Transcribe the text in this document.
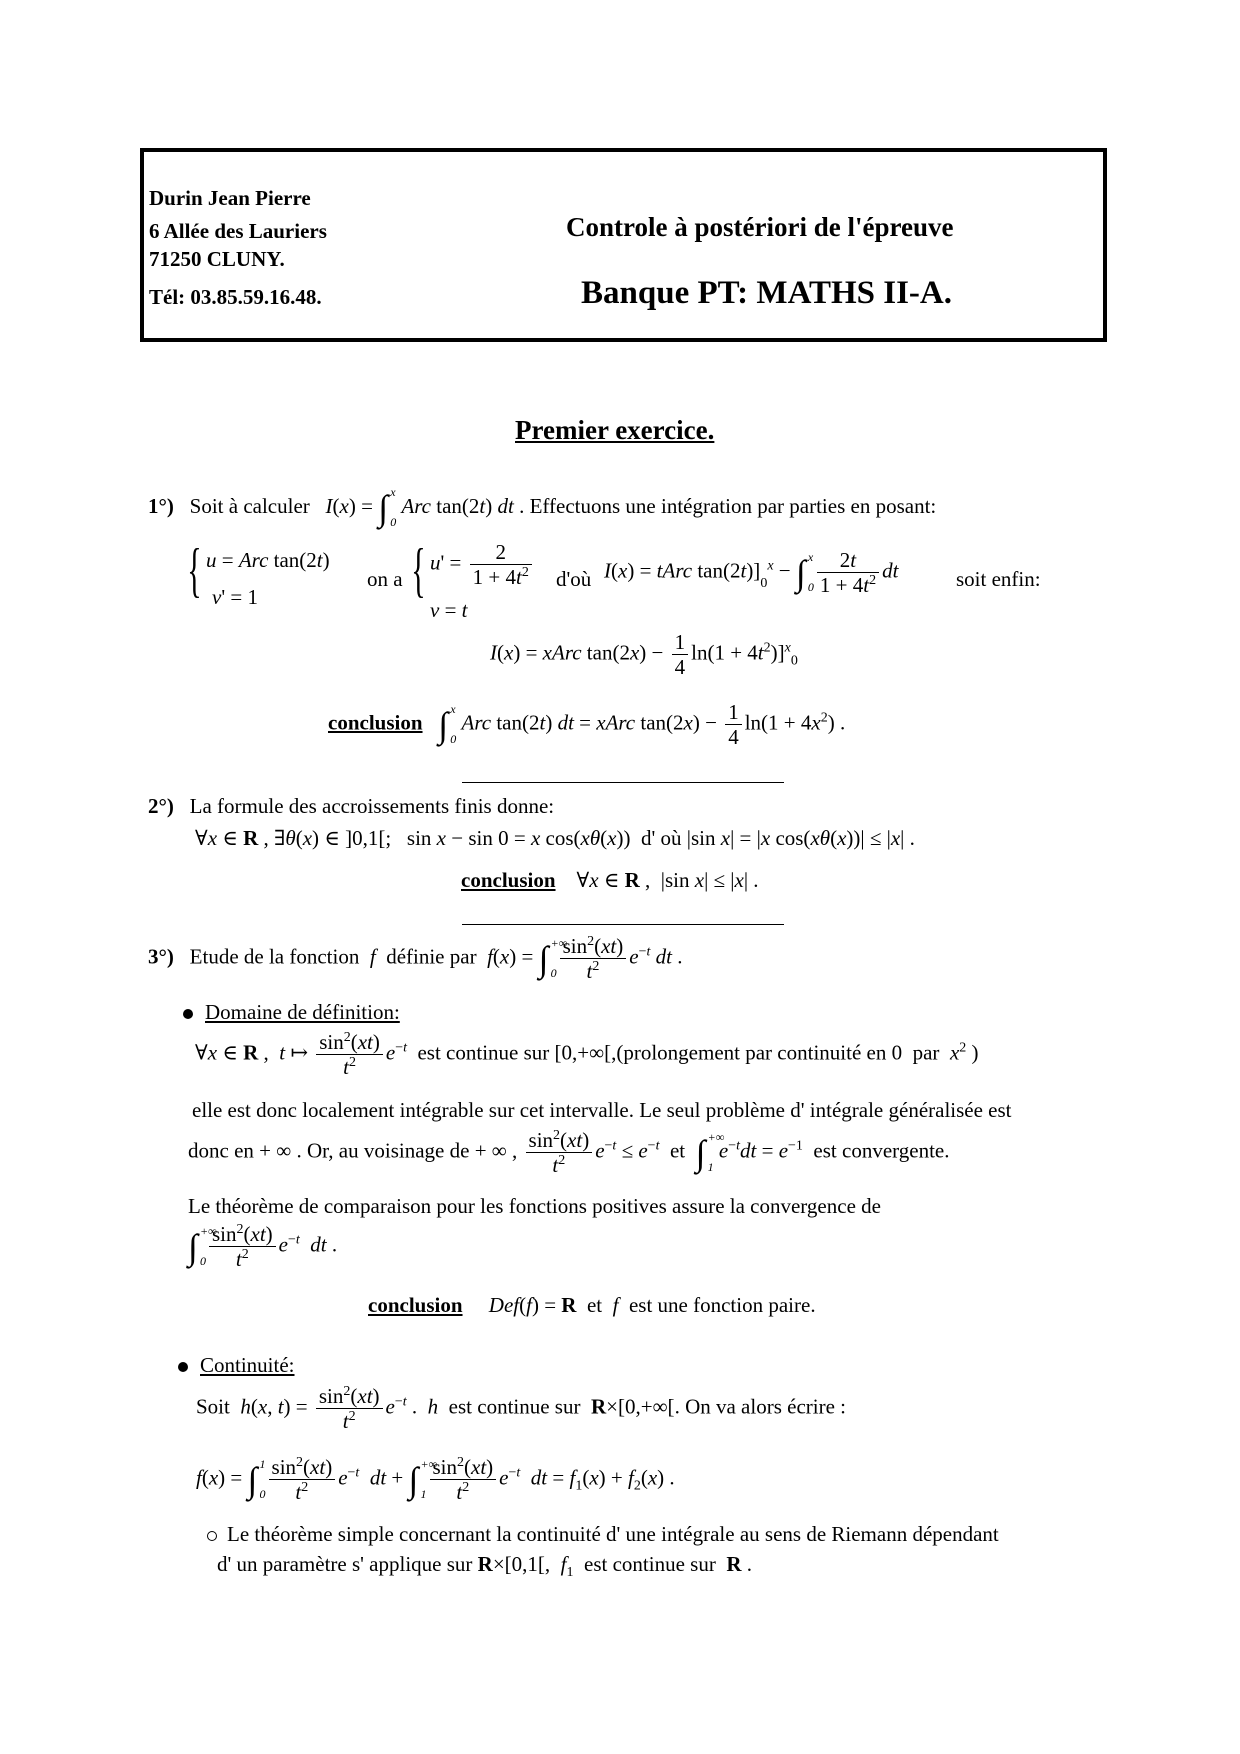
Durin Jean Pierre
6 Allée des Lauriers
71250 CLUNY.
Tél: 03.85.59.16.48.
Controle à postériori de l'épreuve
Banque PT: MATHS II-A.
Premier exercice.
1°) Soit à calculer I(x) = ∫ x
0
Arc tan(2t) dt . Effectuons une intégration par parties en posant:
{ u = Arc tan(2t)
v' = 1
on a { $u' = \frac{2}{1 + 4t^2}$
v = t
d'où I(x) = tArc $\tan(2t)]_0^x$ − ∫ x
$0 \frac{2t}{1 + 4t^2}$ dt	soit enfin:
I(x) = xArc $\tan(2x) - \frac{1}{4} \ln(1 + 4t^2)]^x_0$
conclusion ∫ x
0
Arc tan(2t) dt = xArc $\tan(2x) - \frac{1}{4} \ln(1 + 4x^2)$ .
2°) La formule des accroissements finis donne:
∀x ∈ R , ∃θ(x) ∈ ]0,1[;   sin x − sin 0 = x cos(xθ(x))  d' où |sin x| = |x cos(xθ(x))| ≤ |x| .
conclusion    ∀x ∈ R ,  |sin x| ≤ |x| .
3°) Etude de la fonction f définie par f(x) = ∫ +∞
$0 \frac{\sin^2(xt)}{t^2} e^{-t}$ dt .
Domaine de définition:
∀x ∈ R ,  t ↦ $\frac{\sin^2(xt)}{t^2} e^{-t}$ est continue sur [0,+∞[,(prolongement par continuité en 0  par $x^2$ )
elle est donc localement intégrable sur cet intervalle. Le seul problème d' intégrale généralisée est
donc en + ∞ . Or, au voisinage de + ∞ , $\frac{\sin^2(xt)}{t^2} e^{-t} \le e^{-t}$ et ∫ +∞
1
$e^{-t}dt = e^{-1}$ est convergente.
Le théorème de comparaison pour les fonctions positives assure la convergence de
∫ +∞
$0 \frac{\sin^2(xt)}{t^2} e^{-t}$ dt .
conclusion Def(f) = R et f est une fonction paire.
Continuité:
Soit h(x, $t) = \frac{\sin^2(xt)}{t^2} e^{-t}$ .  h est continue sur R×[0,+∞[. On va alors écrire :
f(x) = ∫ 1
$0 \frac{\sin^2(xt)}{t^2} e^{-t}$ dt + ∫ +∞
$1 \frac{\sin^2(xt)}{t^2} e^{-t}$ dt = $f_1(x) + f_2(x)$ .
Le théorème simple concernant la continuité d' une intégrale au sens de Riemann dépendant
d' un paramètre s' applique sur R×[0,1[,  $f_1$ est continue sur R .
